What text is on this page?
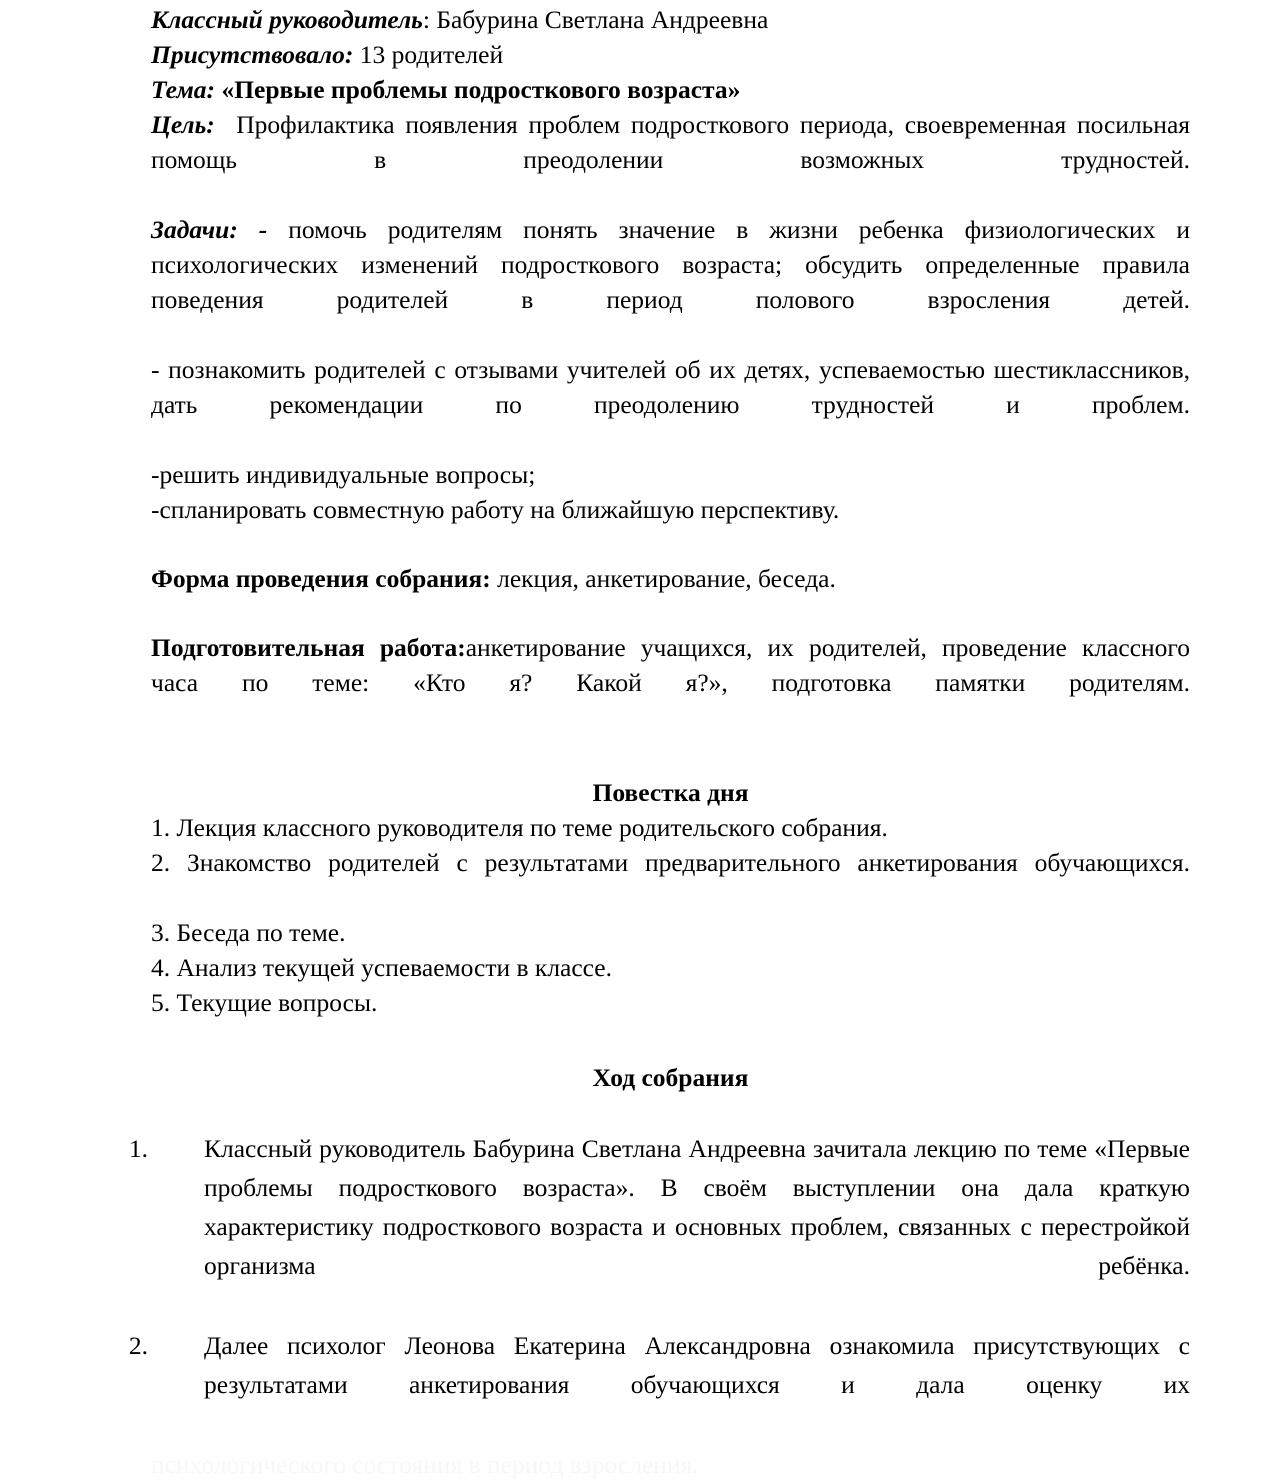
Классный руководитель: Бабурина Светлана Андреевна

Присутствовало: 13 родителей

Тема: «Первые проблемы подросткового возраста»

Цель: Профилактика появления проблем подросткового периода, своевременная посильная помощь в преодолении возможных трудностей.

Задачи: - помочь родителям понять значение в жизни ребенка физиологических и психологических изменений подросткового возраста; обсудить определенные правила поведения родителей в период полового взросления детей.

- познакомить родителей с отзывами учителей об их детях, успеваемостью шестиклассников, дать рекомендации по преодолению трудностей и проблем.

-решить индивидуальные вопросы;

-спланировать совместную работу на ближайшую перспективу.

Форма проведения собрания: лекция, анкетирование, беседа.

Подготовительная работа:анкетирование учащихся, их родителей, проведение классного часа по теме: «Кто я? Какой я?», подготовка памятки родителям.

Повестка дня

1. Лекция классного руководителя по теме родительского собрания.

2. Знакомство родителей с результатами предварительного анкетирования обучающихся.

3. Беседа по теме.

4. Анализ текущей успеваемости в классе.

5. Текущие вопросы.

Ход собрания
Классный руководитель Бабурина Светлана Андреевна зачитала лекцию по теме «Первые проблемы подросткового возраста». В своём выступлении она дала краткую характеристику подросткового возраста и основных проблем, связанных с перестройкой организма ребёнка.
Далее психолог Леонова Екатерина Александровна ознакомила присутствующих с результатами анкетирования обучающихся и дала оценку их
психологического состояния в период взросления.
